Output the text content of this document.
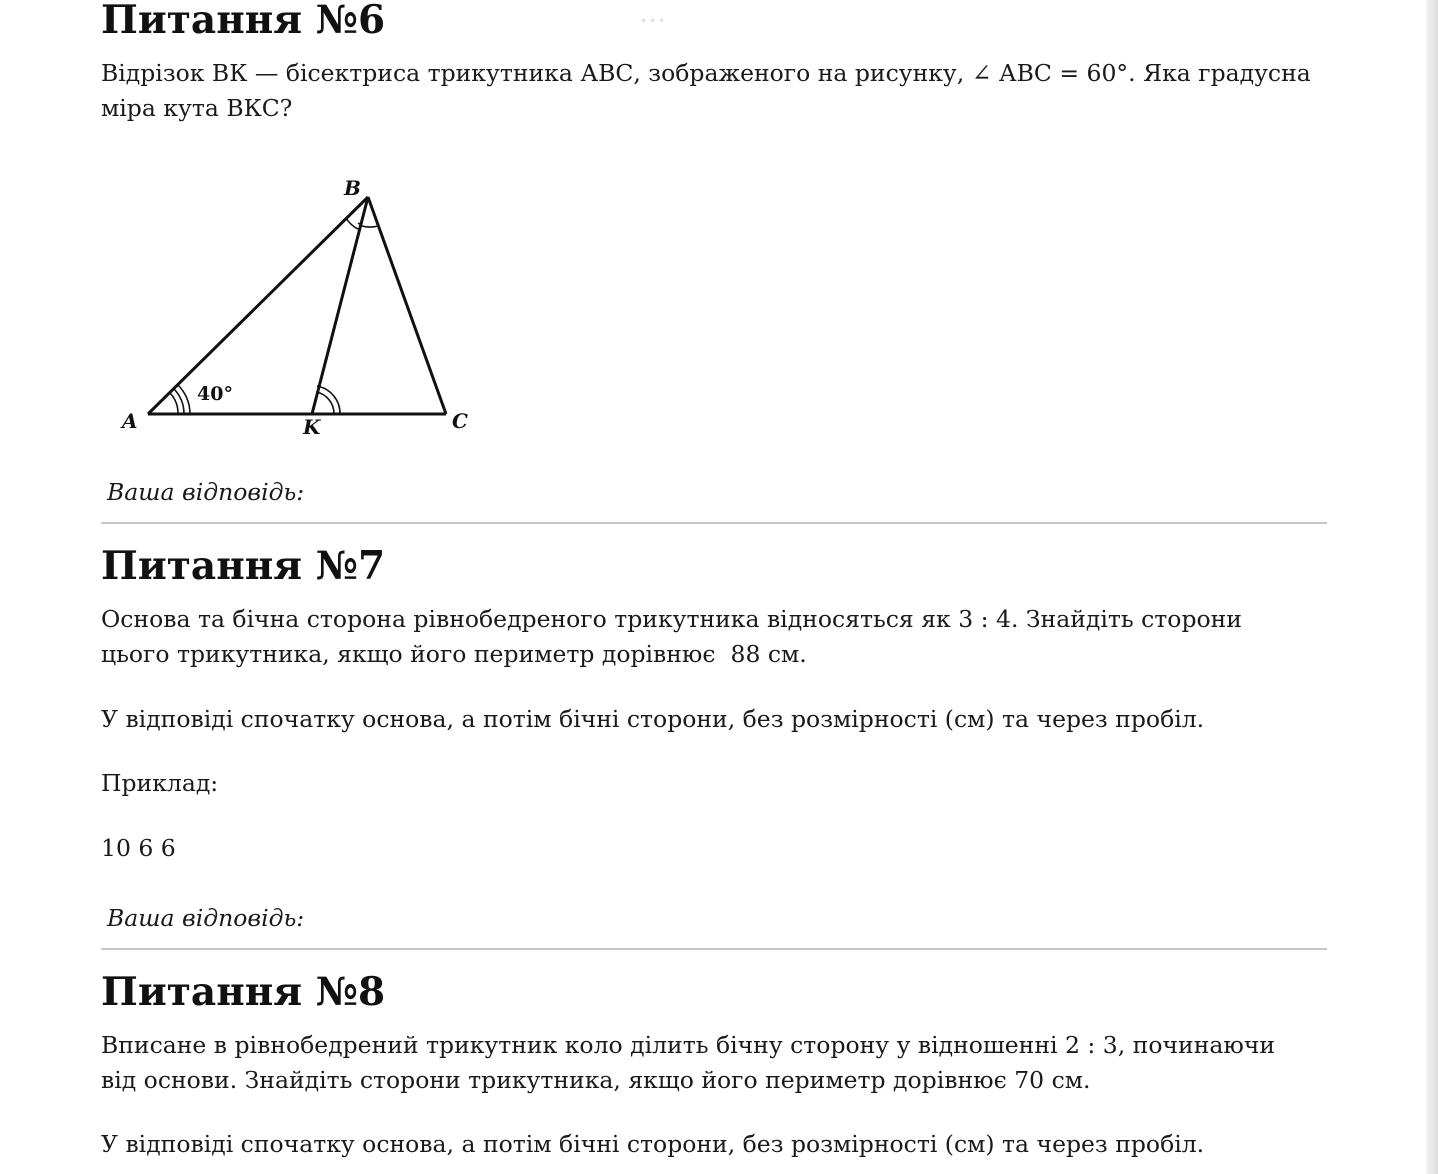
•••
Питання №6

Відрізок ВК — бісектриса трикутника АВС, зображеного на рисунку, ∠ АВС = 60°. Яка градусна
міра кута ВКС?

A
B
C
K
40°

Ваша відповідь:

Питання №7

Основа та бічна сторона рівнобедреного трикутника відносяться як 3 : 4. Знайдіть сторони
цього трикутника, якщо його периметр дорівнює  88 см.

У відповіді спочатку основа, а потім бічні сторони, без розмірності (см) та через пробіл.

Приклад:

10 6 6

Ваша відповідь:

Питання №8

Вписане в рівнобедрений трикутник коло ділить бічну сторону у відношенні 2 : 3, починаючи
від основи. Знайдіть сторони трикутника, якщо його периметр дорівнює 70 см.

У відповіді спочатку основа, а потім бічні сторони, без розмірності (см) та через пробіл.
